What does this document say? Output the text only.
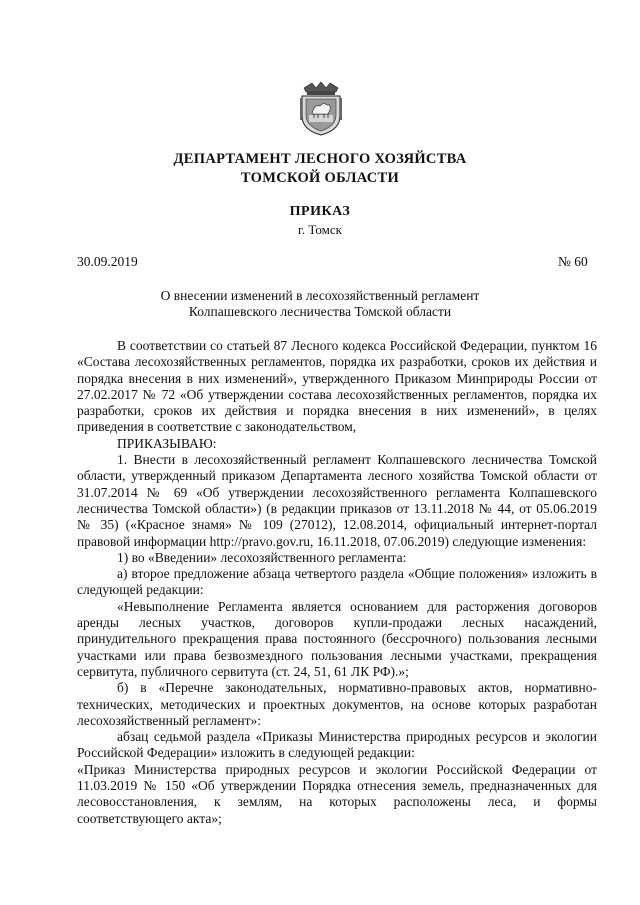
ДЕПАРТАМЕНТ ЛЕСНОГО ХОЗЯЙСТВА
ТОМСКОЙ ОБЛАСТИ
ПРИКАЗ
г. Томск
30.09.2019	№ 60
О внесении изменений в лесохозяйственный регламент
Колпашевского лесничества Томской области

В соответствии со статьей 87 Лесного кодекса Российской Федерации, пунктом 16 «Состава лесохозяйственных регламентов, порядка их разработки, сроков их действия и порядка внесения в них изменений», утвержденного Приказом Минприроды России от 27.02.2017 № 72 «Об утверждении состава лесохозяйственных регламентов, порядка их разработки, сроков их действия и порядка внесения в них изменений», в целях приведения в соответствие с законодательством,

ПРИКАЗЫВАЮ:

1. Внести в лесохозяйственный регламент Колпашевского лесничества Томской области, утвержденный приказом Департамента лесного хозяйства Томской области от 31.07.2014 № 69 «Об утверждении лесохозяйственного регламента Колпашевского лесничества Томской области») (в редакции приказов от 13.11.2018 № 44, от 05.06.2019 № 35) («Красное знамя» № 109 (27012), 12.08.2014, официальный интернет-портал правовой информации http://pravo.gov.ru, 16.11.2018, 07.06.2019) следующие изменения:

1) во «Введении» лесохозяйственного регламента:

а) второе предложение абзаца четвертого раздела «Общие положения» изложить в следующей редакции:

«Невыполнение Регламента является основанием для расторжения договоров аренды лесных участков, договоров купли-продажи лесных насаждений, принудительного прекращения права постоянного (бессрочного) пользования лесными участками или права безвозмездного пользования лесными участками, прекращения сервитута, публичного сервитута (ст. 24, 51, 61 ЛК РФ).»;

б) в «Перечне законодательных, нормативно-правовых актов, нормативно-технических, методических и проектных документов, на основе которых разработан лесохозяйственный регламент»:

абзац седьмой раздела «Приказы Министерства природных ресурсов и экологии Российской Федерации» изложить в следующей редакции:

«Приказ Министерства природных ресурсов и экологии Российской Федерации от 11.03.2019 № 150 «Об утверждении Порядка отнесения земель, предназначенных для лесовосстановления, к землям, на которых расположены леса, и формы соответствующего акта»;
